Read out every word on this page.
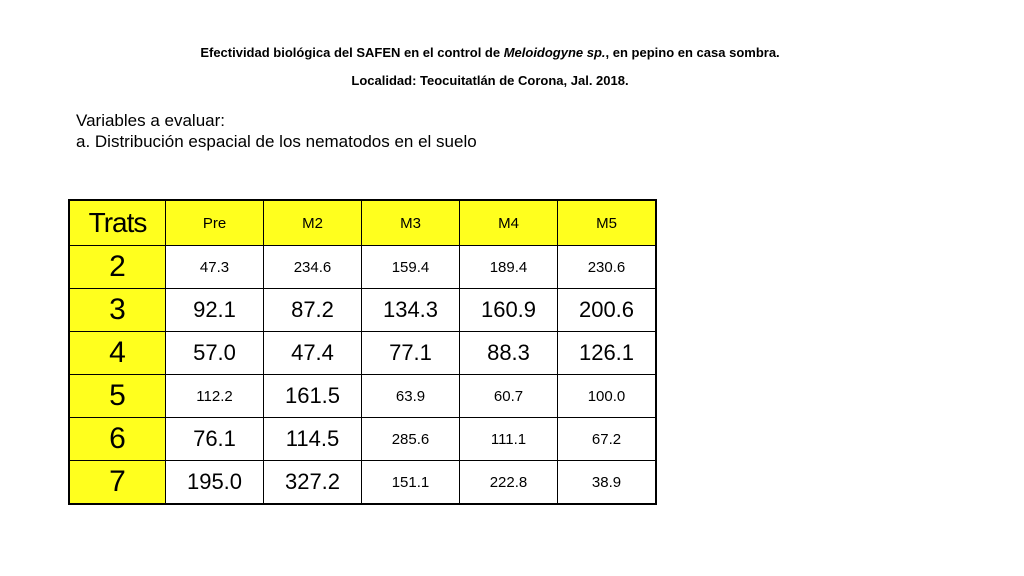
Efectividad biológica del SAFEN en el control de Meloidogyne sp., en pepino en casa sombra.
Localidad: Teocuitatlán de Corona, Jal. 2018.
Variables a evaluar:
a. Distribución espacial de los nematodos en el suelo
Trats	Pre	M2	M3	M4	M5
2	47.3	234.6	159.4	189.4	230.6
3	92.1	87.2	134.3	160.9	200.6
4	57.0	47.4	77.1	88.3	126.1
5	112.2	161.5	63.9	60.7	100.0
6	76.1	114.5	285.6	111.1	67.2
7	195.0	327.2	151.1	222.8	38.9
